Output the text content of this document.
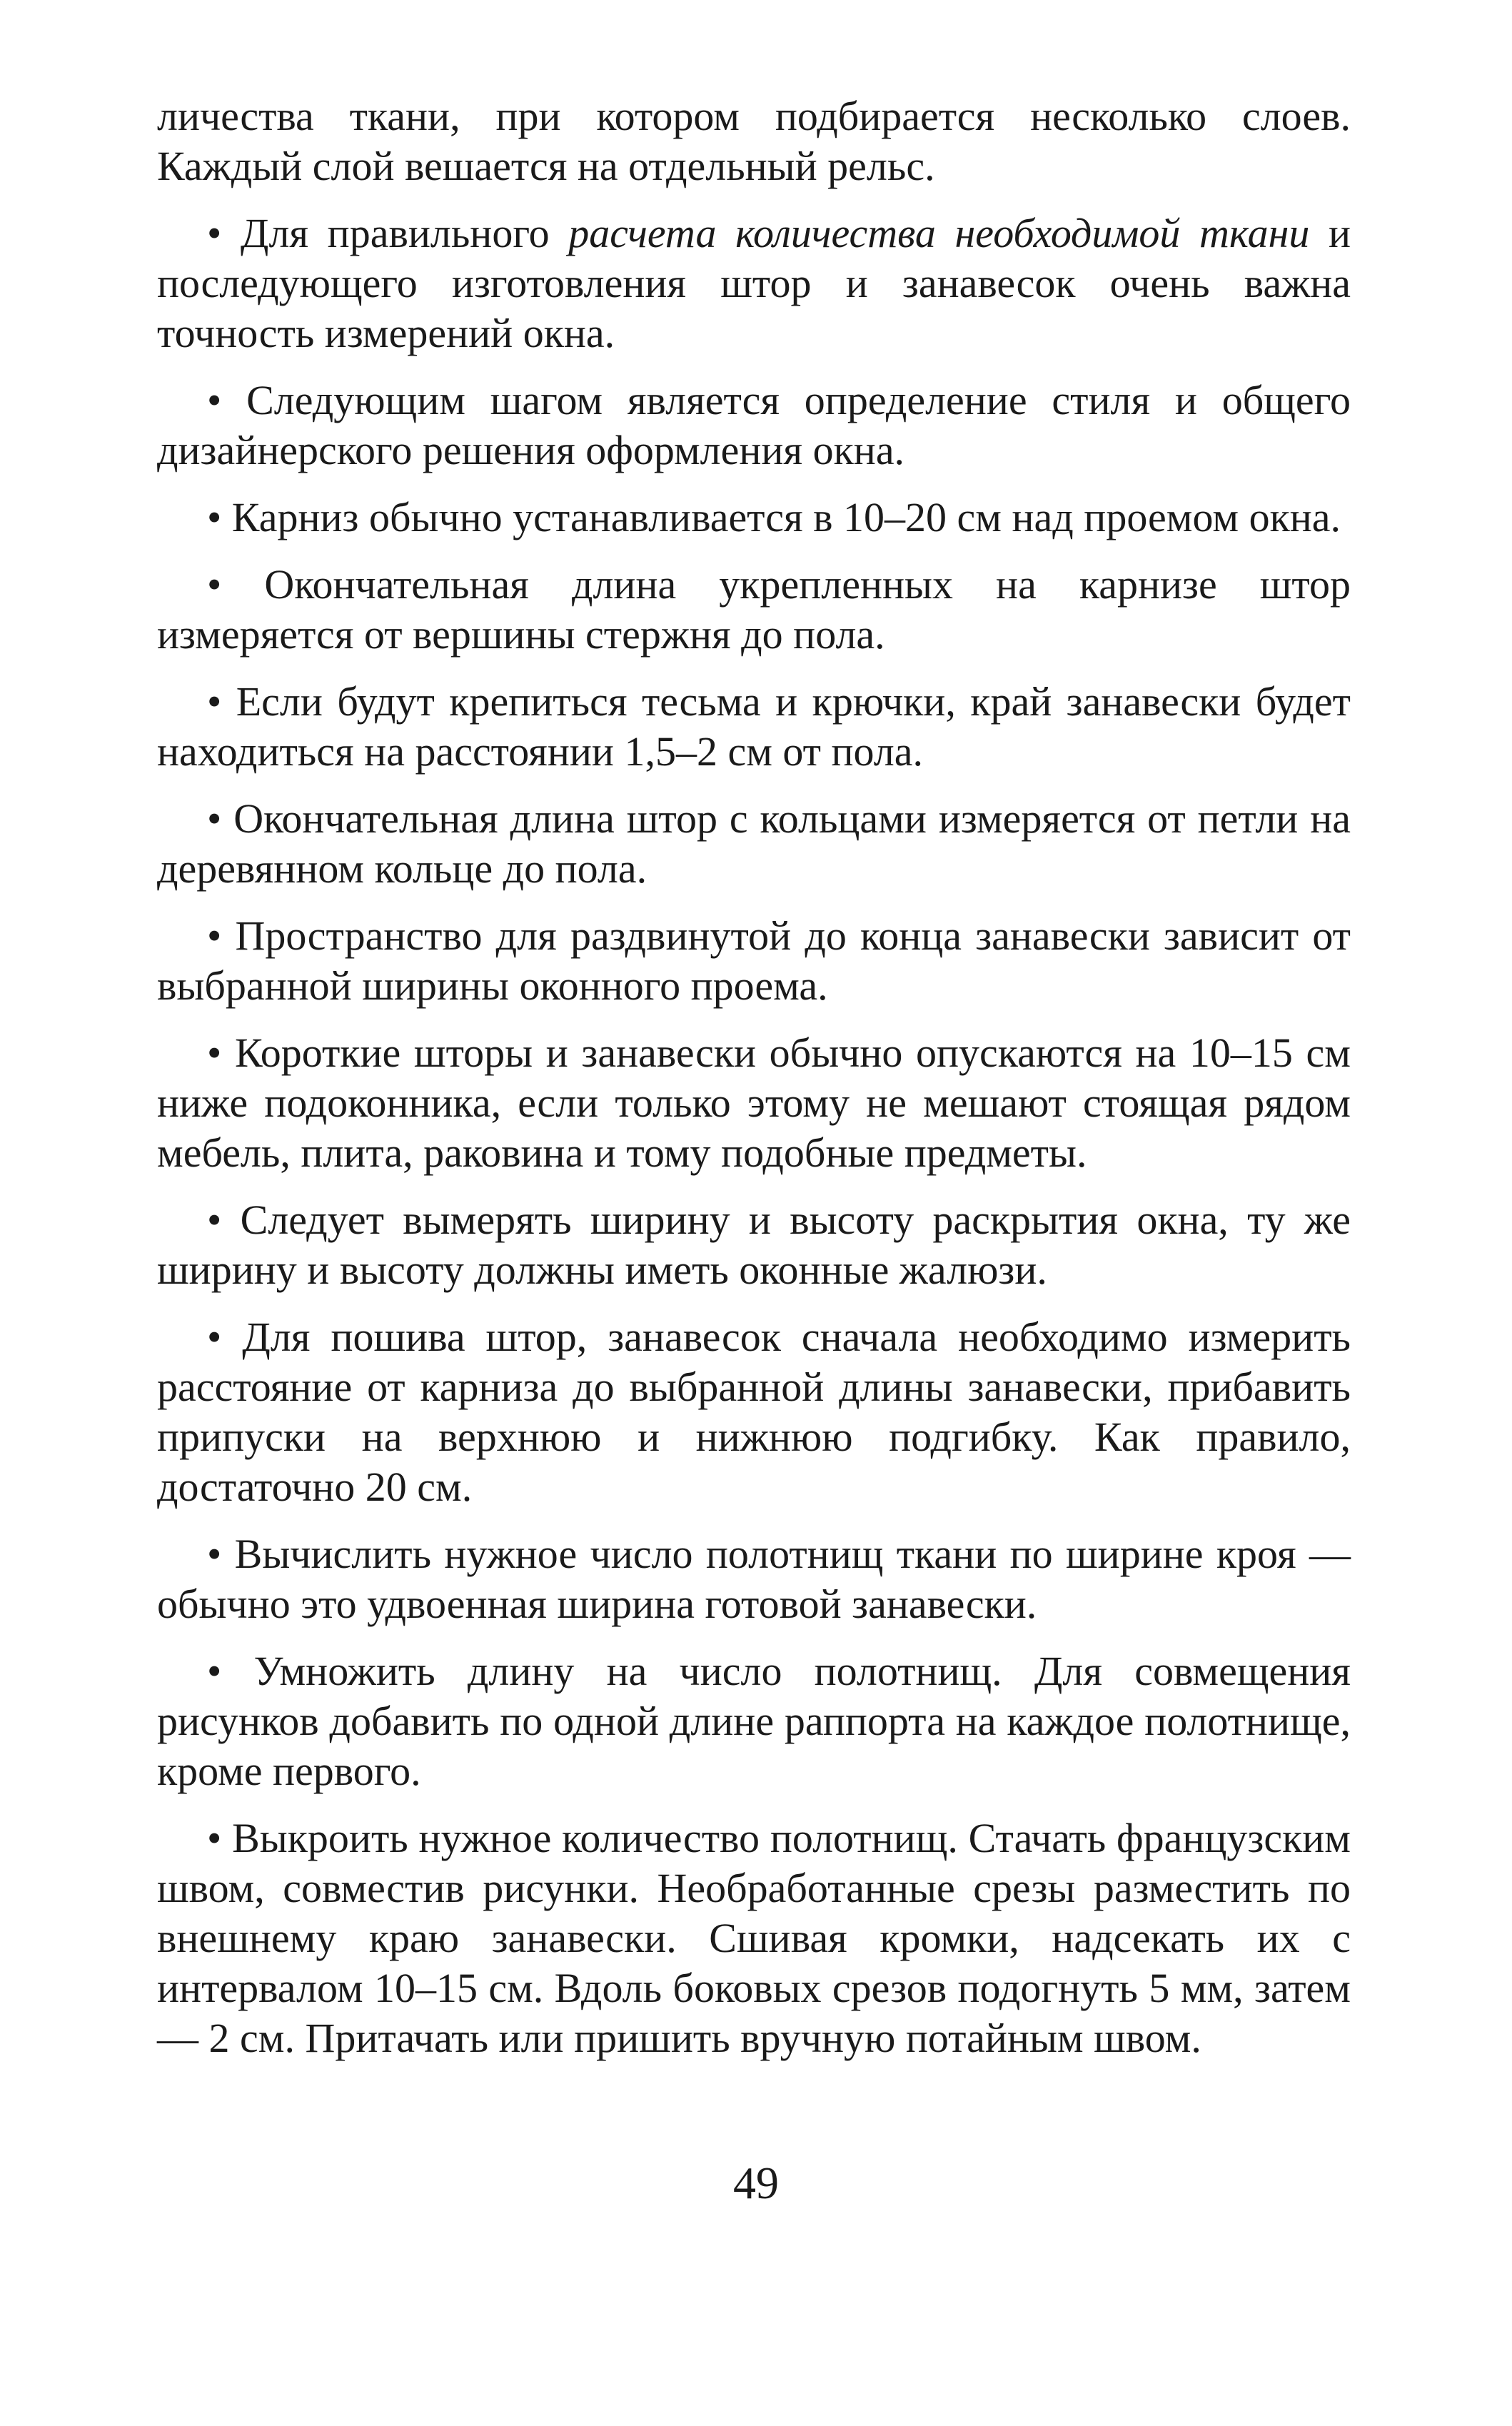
личества ткани, при котором подбирается несколько слоев. Каждый слой вешается на отдельный рельс.

• Для правильного расчета количества необходимой ткани и последующего изготовления штор и занавесок очень важна точность измерений окна.

• Следующим шагом является определение стиля и общего дизайнерского решения оформления окна.

• Карниз обычно устанавливается в 10–20 см над проемом окна.

• Окончательная длина укрепленных на карнизе штор измеряется от вершины стержня до пола.

• Если будут крепиться тесьма и крючки, край занавески будет находиться на расстоянии 1,5–2 см от пола.

• Окончательная длина штор с кольцами измеряется от петли на деревянном кольце до пола.

• Пространство для раздвинутой до конца занавески зависит от выбранной ширины оконного проема.

• Короткие шторы и занавески обычно опускаются на 10–15 см ниже подоконника, если только этому не мешают стоящая рядом мебель, плита, раковина и тому подобные предметы.

• Следует вымерять ширину и высоту раскрытия окна, ту же ширину и высоту должны иметь оконные жалюзи.

• Для пошива штор, занавесок сначала необходимо измерить расстояние от карниза до выбранной длины занавески, прибавить припуски на верхнюю и нижнюю подгибку. Как правило, достаточно 20 см.

• Вычислить нужное число полотнищ ткани по ширине кроя — обычно это удвоенная ширина готовой занавески.

• Умножить длину на число полотнищ. Для совмещения рисунков добавить по одной длине раппорта на каждое полотнище, кроме первого.

• Выкроить нужное количество полотнищ. Стачать французским швом, совместив рисунки. Необработанные срезы разместить по внешнему краю занавески. Сшивая кромки, надсекать их с интервалом 10–15 см. Вдоль боковых срезов подогнуть 5 мм, затем — 2 см. Притачать или пришить вручную потайным швом.

49
